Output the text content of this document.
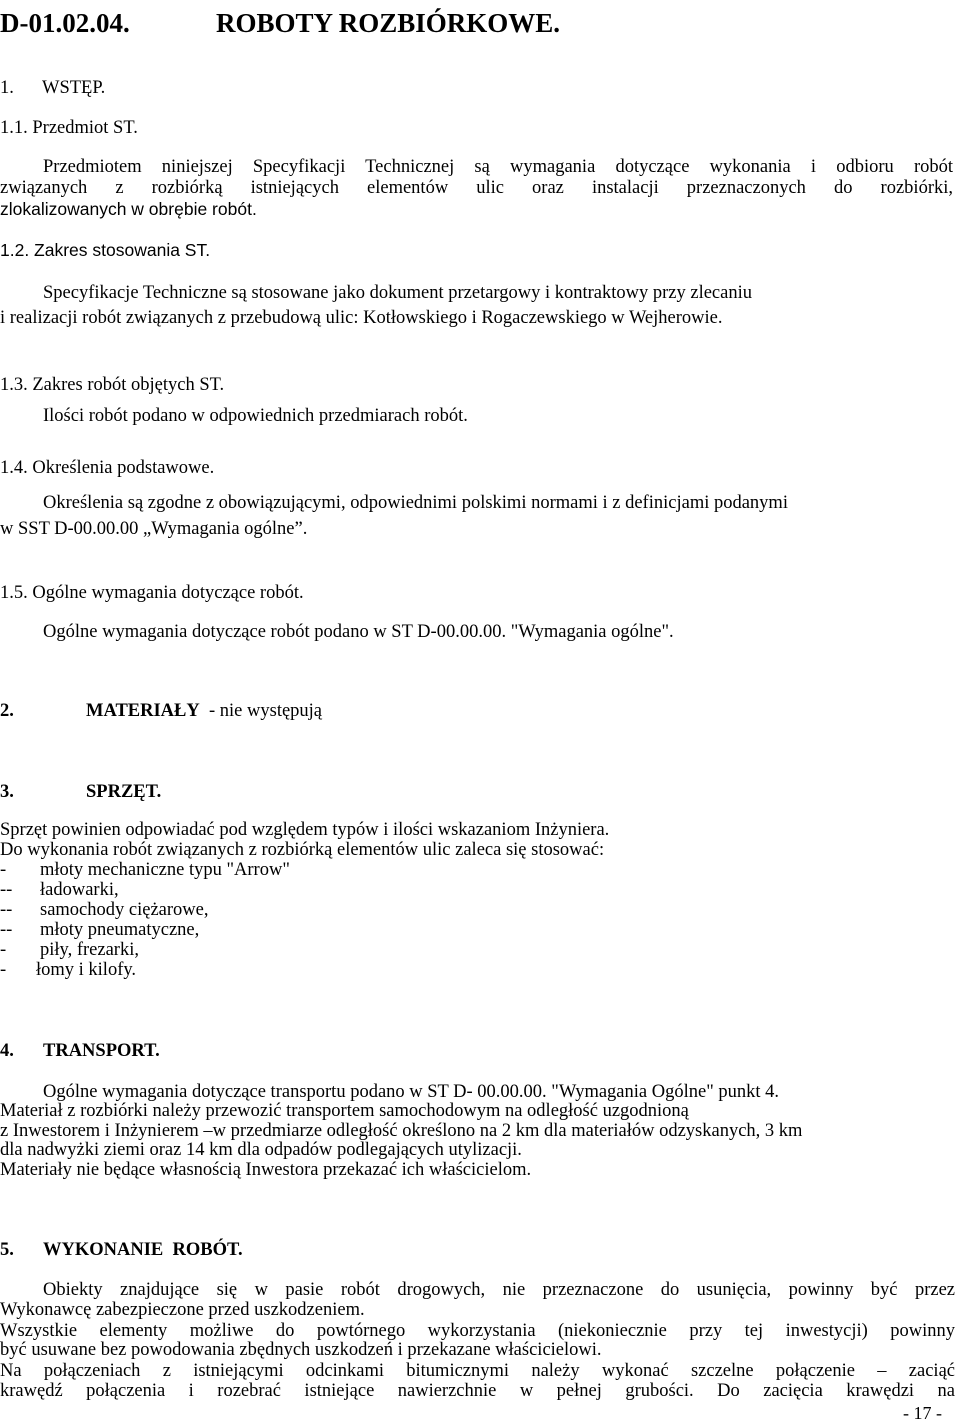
D-01.02.04.	ROBOTY ROZBIÓRKOWE.
1. WSTĘP.
1.1. Przedmiot ST.
Przedmiotem niniejszej Specyfikacji Technicznej są wymagania dotyczące wykonania i odbioru robót
związanych z rozbiórką istniejących elementów ulic oraz instalacji przeznaczonych do rozbiórki,
zlokalizowanych w obrębie robót.
1.2. Zakres stosowania ST.
Specyfikacje Techniczne są stosowane jako dokument przetargowy i kontraktowy przy zlecaniu
i realizacji robót związanych z przebudową ulic: Kotłowskiego i Rogaczewskiego w Wejherowie.
1.3. Zakres robót objętych ST.
Ilości robót podano w odpowiednich przedmiarach robót.
1.4. Określenia podstawowe.
Określenia są zgodne z obowiązującymi, odpowiednimi polskimi normami i z definicjami podanymi
w SST D-00.00.00 „Wymagania ogólne”.
1.5. Ogólne wymagania dotyczące robót.
Ogólne wymagania dotyczące robót podano w ST D-00.00.00. "Wymagania ogólne".
2.	MATERIAŁY  - nie występują
3.	SPRZĘT.
Sprzęt powinien odpowiadać pod względem typów i ilości wskazaniom Inżyniera.
Do wykonania robót związanych z rozbiórką elementów ulic zaleca się stosować:
- młoty mechaniczne typu "Arrow"
-- ładowarki,
-- samochody ciężarowe,
-- młoty pneumatyczne,
- piły, frezarki,
- łomy i kilofy.
4. TRANSPORT.
Ogólne wymagania dotyczące transportu podano w ST D- 00.00.00. "Wymagania Ogólne" punkt 4.
Materiał z rozbiórki należy przewozić transportem samochodowym na odległość uzgodnioną
z Inwestorem i Inżynierem –w przedmiarze odległość określono na 2 km dla materiałów odzyskanych, 3 km
dla nadwyżki ziemi oraz 14 km dla odpadów podlegających utylizacji.
Materiały nie będące własnością Inwestora przekazać ich właścicielom.
5. WYKONANIE  ROBÓT.
Obiekty znajdujące się w pasie robót drogowych, nie przeznaczone do usunięcia, powinny być przez
Wykonawcę zabezpieczone przed uszkodzeniem.
Wszystkie elementy możliwe do powtórnego wykorzystania (niekoniecznie przy tej inwestycji) powinny
być usuwane bez powodowania zbędnych uszkodzeń i przekazane właścicielowi.
Na połączeniach z istniejącymi odcinkami bitumicznymi należy wykonać szczelne połączenie – zaciąć
krawędź połączenia i rozebrać istniejące nawierzchnie w pełnej grubości. Do zacięcia krawędzi na
- 17 -
